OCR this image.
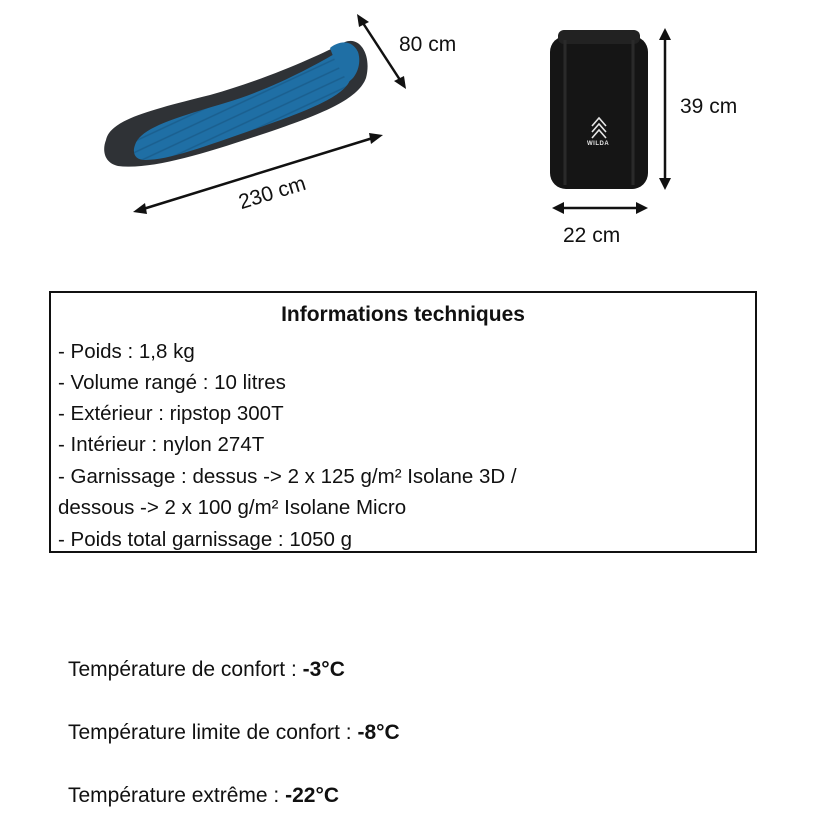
WILDA
80 cm
230 cm
39 cm
22 cm
Informations techniques
- Poids : 1,8 kg
- Volume rangé : 10 litres
- Extérieur : ripstop 300T
- Intérieur : nylon 274T
- Garnissage : dessus -> 2 x 125 g/m² Isolane 3D /
dessous -> 2 x 100 g/m² Isolane Micro
- Poids total garnissage : 1050 g
Température de confort : -3°C
Température limite de confort : -8°C
Température extrême : -22°C
